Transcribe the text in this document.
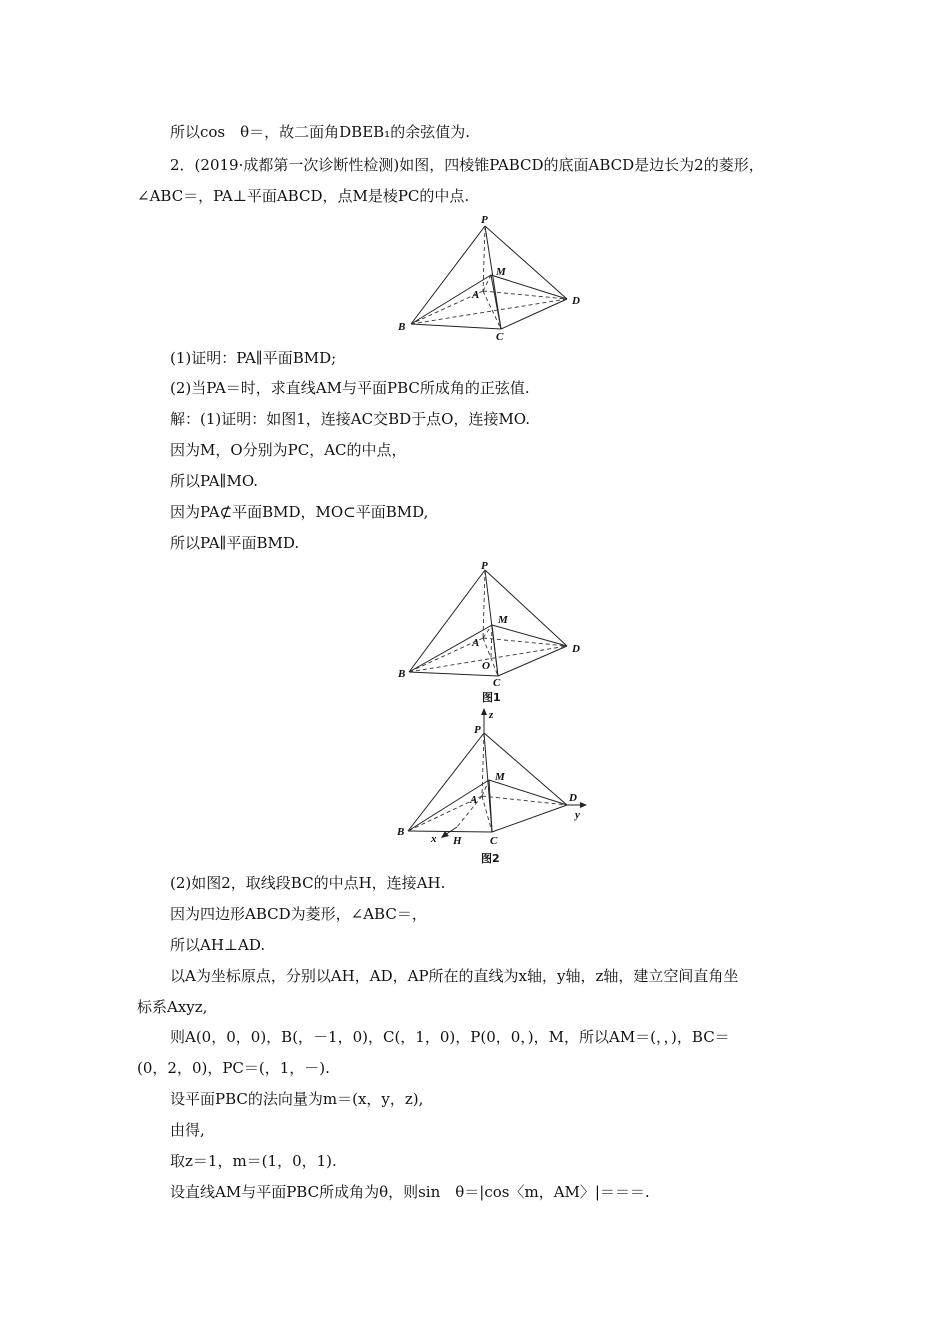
所以cos　θ＝，故二面角DBEB₁的余弦值为.
2．(2019·成都第一次诊断性检测)如图，四棱锥PABCD的底面ABCD是边长为2的菱形，
∠ABC＝，PA⊥平面ABCD，点M是棱PC的中点.
P
M
A	D
B
C
(1)证明：PA∥平面BMD;
(2)当PA＝时，求直线AM与平面PBC所成角的正弦值.
解：(1)证明：如图1，连接AC交BD于点O，连接MO.
因为M，O分别为PC，AC的中点，
所以PA∥MO.
因为PA⊄平面BMD，MO⊂平面BMD,
所以PA∥平面BMD.
P
M
A
O
D
B
C
图1
z
P
M
A	D
y
B
x H	C
图2
(2)如图2，取线段BC的中点H，连接AH.
因为四边形ABCD为菱形，∠ABC＝，
所以AH⊥AD.
以A为坐标原点，分别以AH，AD，AP所在的直线为x轴，y轴，z轴，建立空间直角坐
标系Axyz,
则A(0，0，0)，B(，－1，0)，C(，1，0)，P(0，0，)，M，所以AM＝(，，)，BC＝
(0，2，0)，PC＝(，1，－).
设平面PBC的法向量为m＝(x，y，z),
由得,
取z＝1，m＝(1，0，1).
设直线AM与平面PBC所成角为θ，则sin　θ＝|cos〈m，AM〉|＝＝＝.
